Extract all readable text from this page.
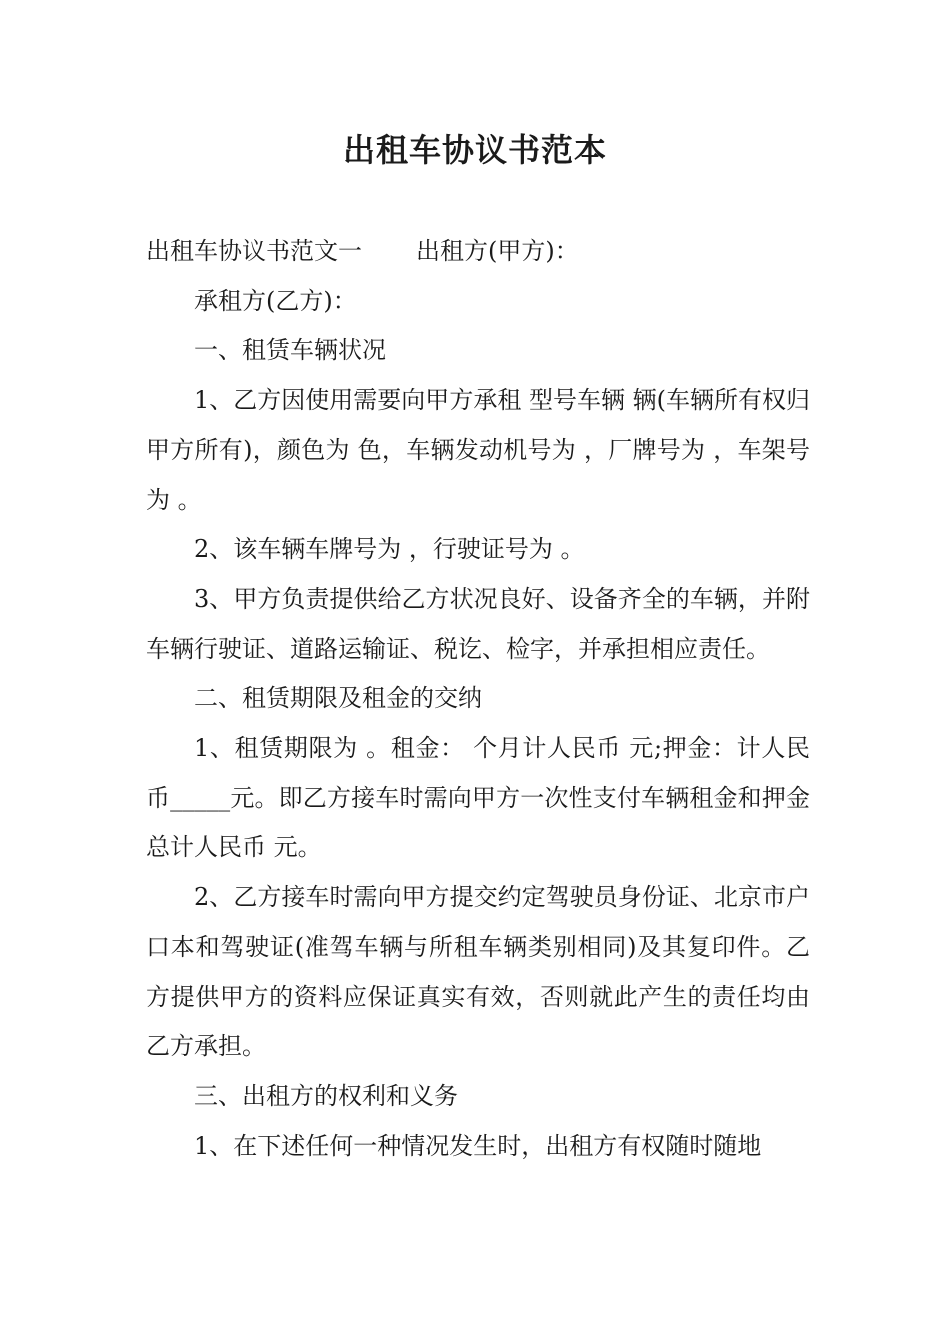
出租车协议书范本

出租车协议书范文一 出租方(甲方)：

承租方(乙方)：

一、租赁车辆状况

1、乙方因使用需要向甲方承租 型号车辆 辆(车辆所有权归甲方所有)，颜色为 色，车辆发动机号为 ，厂牌号为 ，车架号为 。

2、该车辆车牌号为 ，行驶证号为 。

3、甲方负责提供给乙方状况良好、设备齐全的车辆，并附车辆行驶证、道路运输证、税讫、检字，并承担相应责任。

二、租赁期限及租金的交纳

1、租赁期限为 。租金： 个月计人民币 元;押金：计人民币_____元。即乙方接车时需向甲方一次性支付车辆租金和押金总计人民币 元。

2、乙方接车时需向甲方提交约定驾驶员身份证、北京市户口本和驾驶证(准驾车辆与所租车辆类别相同)及其复印件。乙方提供甲方的资料应保证真实有效，否则就此产生的责任均由乙方承担。

三、出租方的权利和义务

1、在下述任何一种情况发生时，出租方有权随时随地
